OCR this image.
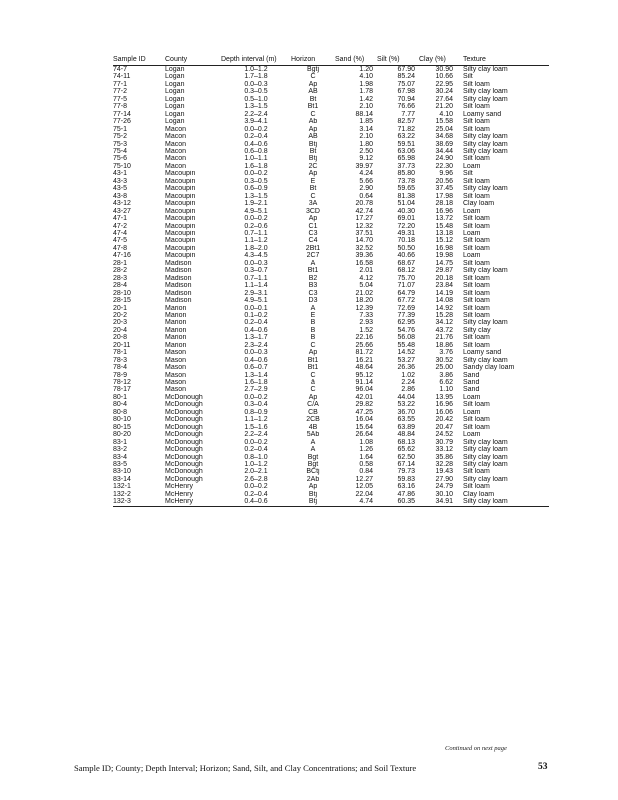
Sample ID	County	Depth interval (m)	Horizon	Sand (%)	Silt (%)	Clay (%)	Texture
74-7	Logan	1.0–1.2	Bgtj	1.20	67.90	30.90	Silty clay loam
74-11	Logan	1.7–1.8	C	4.10	85.24	10.66	Silt
77-1	Logan	0.0–0.3	Ap	1.98	75.07	22.95	Silt loam
77-2	Logan	0.3–0.5	AB	1.78	67.98	30.24	Silty clay loam
77-5	Logan	0.5–1.0	Bt	1.42	70.94	27.64	Silty clay loam
77-8	Logan	1.3–1.5	Bt1	2.10	76.66	21.20	Silt loam
77-14	Logan	2.2–2.4	C	88.14	7.77	4.10	Loamy sand
77-26	Logan	3.9–4.1	Ab	1.85	82.57	15.58	Silt loam
75-1	Macon	0.0–0.2	Ap	3.14	71.82	25.04	Silt loam
75-2	Macon	0.2–0.4	AB	2.10	63.22	34.68	Silty clay loam
75-3	Macon	0.4–0.6	Btj	1.80	59.51	38.69	Silty clay loam
75-4	Macon	0.6–0.8	Bt	2.50	63.06	34.44	Silty clay loam
75-6	Macon	1.0–1.1	Btj	9.12	65.98	24.90	Silt loam
75-10	Macon	1.6–1.8	2C	39.97	37.73	22.30	Loam
43-1	Macoupin	0.0–0.2	Ap	4.24	85.80	9.96	Silt
43-3	Macoupin	0.3–0.5	E	5.66	73.78	20.56	Silt loam
43-5	Macoupin	0.6–0.9	Bt	2.90	59.65	37.45	Silty clay loam
43-8	Macoupin	1.3–1.5	C	0.64	81.38	17.98	Silt loam
43-12	Macoupin	1.9–2.1	3A	20.78	51.04	28.18	Clay loam
43-27	Macoupin	4.9–5.1	3CD	42.74	40.30	16.96	Loam
47-1	Macoupin	0.0–0.2	Ap	17.27	69.01	13.72	Silt loam
47-2	Macoupin	0.2–0.6	C1	12.32	72.20	15.48	Silt loam
47-4	Macoupin	0.7–1.1	C3	37.51	49.31	13.18	Loam
47-5	Macoupin	1.1–1.2	C4	14.70	70.18	15.12	Silt loam
47-8	Macoupin	1.8–2.0	2Bt1	32.52	50.50	16.98	Silt loam
47-16	Macoupin	4.3–4.5	2C7	39.36	40.66	19.98	Loam
28-1	Madison	0.0–0.3	A	16.58	68.67	14.75	Silt loam
28-2	Madison	0.3–0.7	Bt1	2.01	68.12	29.87	Silty clay loam
28-3	Madison	0.7–1.1	B2	4.12	75.70	20.18	Silt loam
28-4	Madison	1.1–1.4	B3	5.04	71.07	23.84	Silt loam
28-10	Madison	2.9–3.1	C3	21.02	64.79	14.19	Silt loam
28-15	Madison	4.9–5.1	D3	18.20	67.72	14.08	Silt loam
20-1	Marion	0.0–0.1	A	12.39	72.69	14.92	Silt loam
20-2	Marion	0.1–0.2	E	7.33	77.39	15.28	Silt loam
20-3	Marion	0.2–0.4	B	2.93	62.95	34.12	Silty clay loam
20-4	Marion	0.4–0.6	B	1.52	54.76	43.72	Silty clay
20-8	Marion	1.3–1.7	B	22.16	56.08	21.76	Silt loam
20-11	Marion	2.3–2.4	C	25.66	55.48	18.86	Silt loam
78-1	Mason	0.0–0.3	Ap	81.72	14.52	3.76	Loamy sand
78-3	Mason	0.4–0.6	Bt1	16.21	53.27	30.52	Silty clay loam
78-4	Mason	0.6–0.7	Bt1	48.64	26.36	25.00	Sandy clay loam
78-9	Mason	1.3–1.4	C	95.12	1.02	3.86	Sand
78-12	Mason	1.6–1.8	ā	91.14	2.24	6.62	Sand
78-17	Mason	2.7–2.9	C	96.04	2.86	1.10	Sand
80-1	McDonough	0.0–0.2	Ap	42.01	44.04	13.95	Loam
80-4	McDonough	0.3–0.4	C/A	29.82	53.22	16.96	Silt loam
80-8	McDonough	0.8–0.9	CB	47.25	36.70	16.06	Loam
80-10	McDonough	1.1–1.2	2CB	16.04	63.55	20.42	Silt loam
80-15	McDonough	1.5–1.6	4B	15.64	63.89	20.47	Silt loam
80-20	McDonough	2.2–2.4	5Ab	26.64	48.84	24.52	Loam
83-1	McDonough	0.0–0.2	A	1.08	68.13	30.79	Silty clay loam
83-2	McDonough	0.2–0.4	A	1.26	65.62	33.12	Silty clay loam
83-4	McDonough	0.8–1.0	Bgt	1.64	62.50	35.86	Silty clay loam
83-5	McDonough	1.0–1.2	Bgt	0.58	67.14	32.28	Silty clay loam
83-10	McDonough	2.0–2.1	BCtj	0.84	79.73	19.43	Silt loam
83-14	McDonough	2.6–2.8	2Ab	12.27	59.83	27.90	Silty clay loam
132-1	McHenry	0.0–0.2	Ap	12.05	63.16	24.79	Silt loam
132-2	McHenry	0.2–0.4	Btj	22.04	47.86	30.10	Clay loam
132-3	McHenry	0.4–0.6	Btj	4.74	60.35	34.91	Silty clay loam
Continued on next page
Sample ID; County; Depth Interval; Horizon; Sand, Silt, and Clay Concentrations; and Soil Texture	53
